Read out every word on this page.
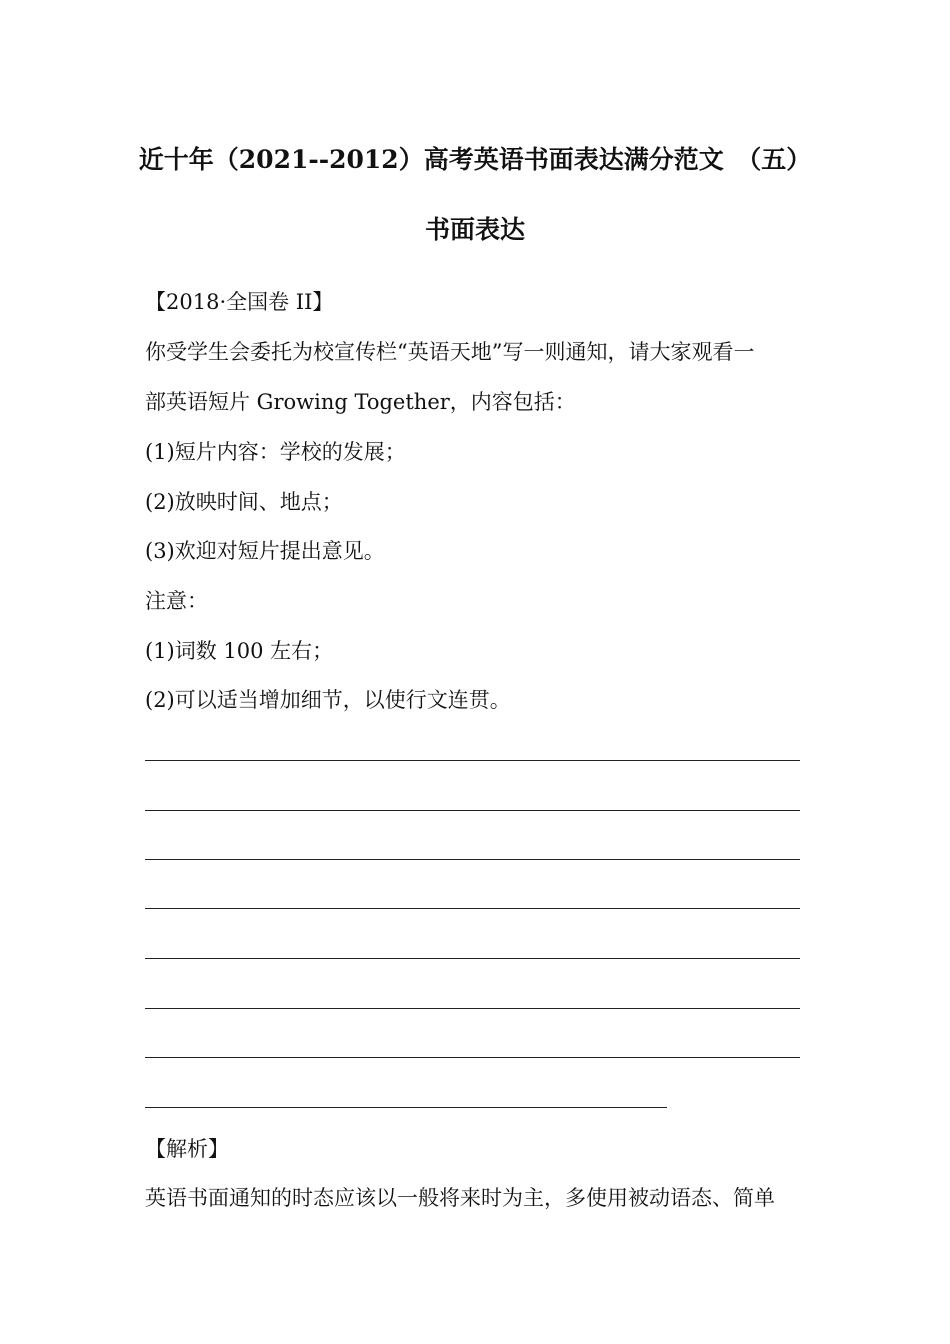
近十年（2021--2012）高考英语书面表达满分范文　（五）
书面表达
【2018·全国卷 II】
你受学生会委托为校宣传栏“英语天地”写一则通知，请大家观看一
部英语短片 Growing Together，内容包括：
(1)短片内容：学校的发展；
(2)放映时间、地点；
(3)欢迎对短片提出意见。
注意：
(1)词数 100 左右；
(2)可以适当增加细节，以使行文连贯。
【解析】
英语书面通知的时态应该以一般将来时为主，多使用被动语态、简单
